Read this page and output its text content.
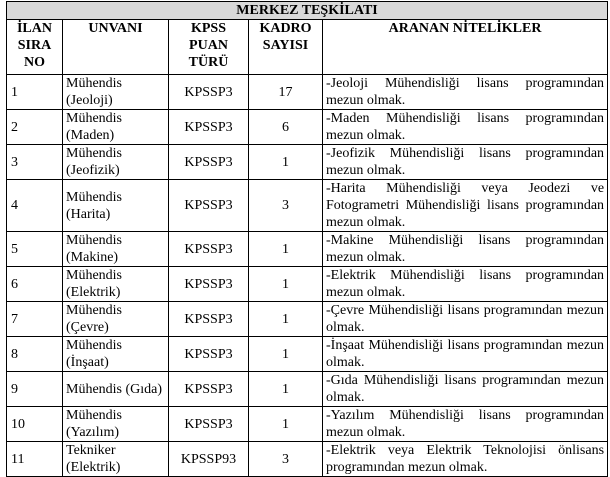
MERKEZ TEŞKİLATI				
İLAN SIRA NO	UNVANI	KPSS PUAN TÜRÜ	KADRO SAYISI	ARANAN NİTELİKLER
1	Mühendis (Jeoloji)	KPSSP3	17	-Jeoloji Mühendisliği lisans programından mezun olmak.
2	Mühendis (Maden)	KPSSP3	6	-Maden Mühendisliği lisans programından mezun olmak.
3	Mühendis (Jeofizik)	KPSSP3	1	-Jeofizik Mühendisliği lisans programından mezun olmak.
4	Mühendis (Harita)	KPSSP3	3	-Harita Mühendisliği veya Jeodezi ve Fotogrametri Mühendisliği lisans programından mezun olmak.
5	Mühendis (Makine)	KPSSP3	1	-Makine Mühendisliği lisans programından mezun olmak.
6	Mühendis (Elektrik)	KPSSP3	1	-Elektrik Mühendisliği lisans programından mezun olmak.
7	Mühendis (Çevre)	KPSSP3	1	-Çevre Mühendisliği lisans programından mezun olmak.
8	Mühendis (İnşaat)	KPSSP3	1	-İnşaat Mühendisliği lisans programından mezun olmak.
9	Mühendis (Gıda)	KPSSP3	1	-Gıda Mühendisliği lisans programından mezun olmak.
10	Mühendis (Yazılım)	KPSSP3	1	-Yazılım Mühendisliği lisans programından mezun olmak.
11	Tekniker (Elektrik)	KPSSP93	3	-Elektrik veya Elektrik Teknolojisi önlisans programından mezun olmak.
